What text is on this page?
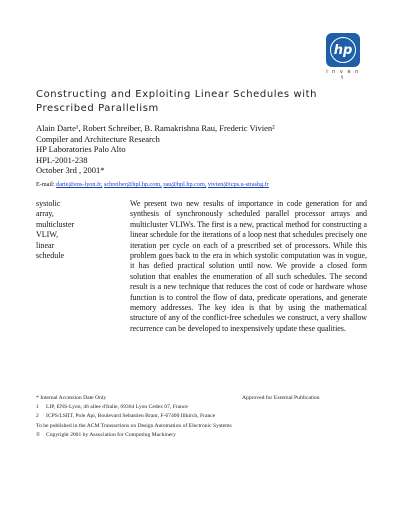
hp
i n v e n t
Constructing and Exploiting Linear Schedules with Prescribed Parallelism
Alain Darte¹, Robert Schreiber, B. Ramakrishna Rau, Frederic Vivien²
Compiler and Architecture Research
HP Laboratories Palo Alto
HPL-2001-238
October 3rd , 2001*
E-mail: darte@ens-lyon.fr, schreiber@hpl.hp.com, rau@hpl.hp.com, vivien@icps.u-strasbg.fr
systolic
array,
multicluster
VLIW,
linear
schedule
We present two new results of importance in code generation for and synthesis of synchronously scheduled parallel processor arrays and multicluster VLIWs. The first is a new, practical method for constructing a linear schedule for the iterations of a loop nest that schedules precisely one iteration per cycle on each of a prescribed set of processors. While this problem goes back to the era in which systolic computation was in vogue, it has defied practical solution until now. We provide a closed form solution that enables the enumeration of all such schedules. The second result is a new technique that reduces the cost of code or hardware whose function is to control the flow of data, predicate operations, and generate memory addresses. The key idea is that by using the mathematical structure of any of the conflict-free schedules we construct, a very shallow recurrence can be developed to inexpensively update these qualities.
* Internal Accession Date Only	Approved for External Publication
1	LIP, ENS-Lyon, 46 allee d'Italie, 69364 Lyon Cedex 07, France
2	ICPS/LSIIT, Pole Api, Boulevard Sebastien Brant, F-67400 Illkirch, France
To be published in the ACM Transactions on Design Automation of Electronic Systems
©	Copyright 2001 by Association for Computing Machinery
